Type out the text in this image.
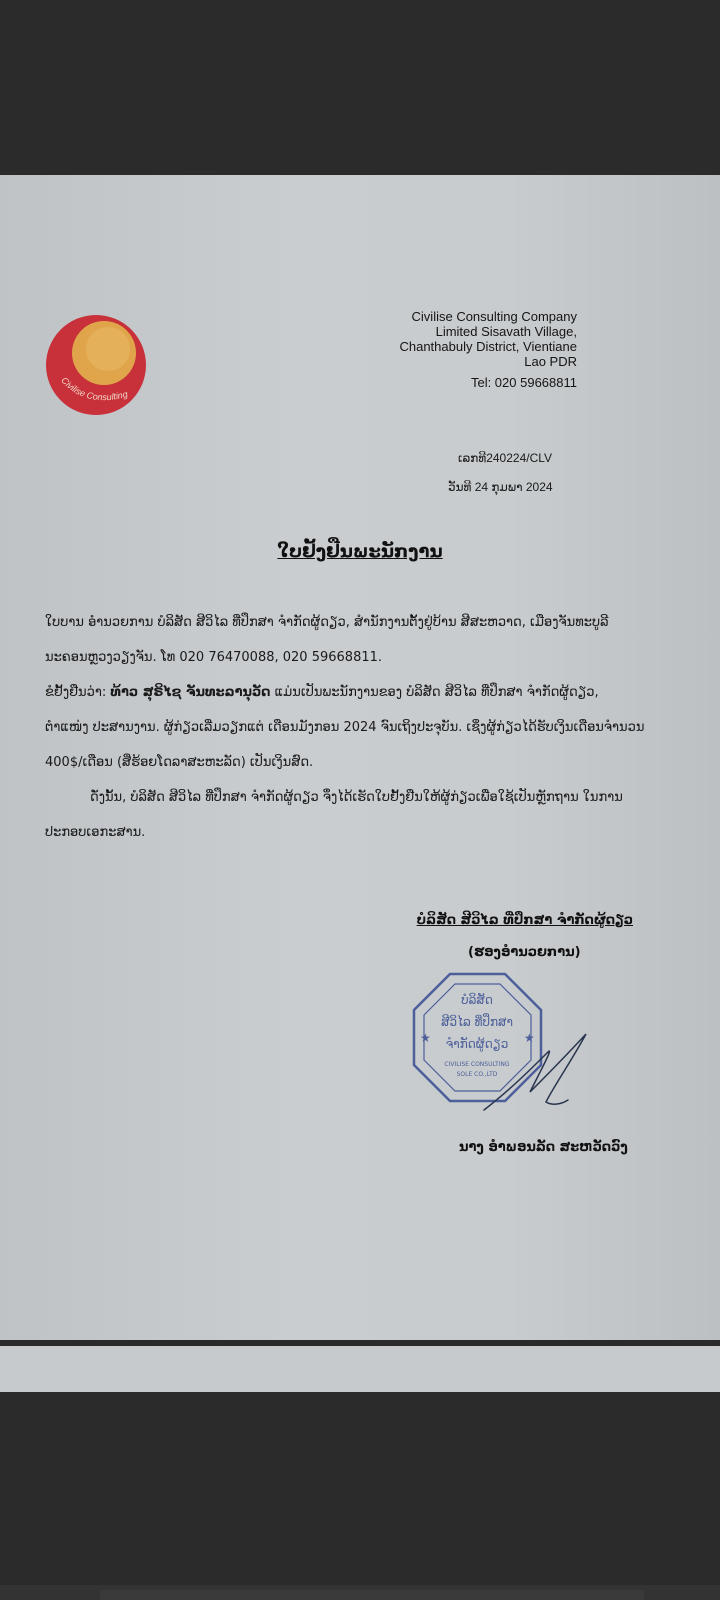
Civilise Consulting
Civilise Consulting Company
Limited Sisavath Village,
Chanthabuly District, Vientiane
Lao PDR
Tel: 020 59668811
ເລກທີ240224/CLV
ວັນທີ 24 ກຸມພາ 2024
ໃບຢັ້ງຢືນພະນັກງານ

ໃບບານ ອຳນວຍການ ບໍລິສັດ ສີວິໄລ ທີ່ປຶກສາ ຈຳກັດຜູ້ດຽວ, ສຳນັກງານຕັ້ງຢູ່ບ້ານ ສີສະຫວາດ, ເມືອງຈັນທະບູລີ ນະຄອນຫຼວງວຽງຈັນ. ໂທ 020 76470088, 020 59668811.

ຂໍຢັ້ງຢືນວ່າ: ທ້າວ ສຸຣິໄຊ ຈັນທະລານຸວັດ ແມ່ນເປັນພະນັກງານຂອງ ບໍລິສັດ ສີວິໄລ ທີ່ປຶກສາ ຈຳກັດຜູ້ດຽວ, ຕຳແໜ່ງ ປະສານງານ. ຜູ້ກ່ຽວເລີ່ມວຽກແຕ່ ເດືອນມັງກອນ 2024 ຈົນເຖິງປະຈຸບັນ. ເຊິ່ງຜູ້ກ່ຽວໄດ້ຮັບເງິນເດືອນຈຳນວນ 400$/ເດືອນ (ສີ່ຮ້ອຍໂດລາສະຫະລັດ) ເປັນເງິນສົດ.

ດັ່ງນັ້ນ, ບໍລິສັດ ສີວິໄລ ທີ່ປຶກສາ ຈຳກັດຜູ້ດຽວ ຈຶ່ງໄດ້ເຮັດໃບຢັ້ງຢືນໃຫ້ຜູ້ກ່ຽວເພື່ອໃຊ້ເປັນຫຼັກຖານ ໃນການປະກອບເອກະສານ.

ບໍລິສັດ ສີວິໄລ ທີ່ປຶກສາ ຈຳກັດຜູ້ດຽວ
(ຮອງອຳນວຍການ)
ບໍລິສັດ
ສີວິໄລ ທີ່ປຶກສາ
ຈຳກັດຜູ້ດຽວ
CIVILISE CONSULTING
SOLE CO.,LTD
★	★
ນາງ ອຳພອນລັດ ສະຫວັດວົງ
